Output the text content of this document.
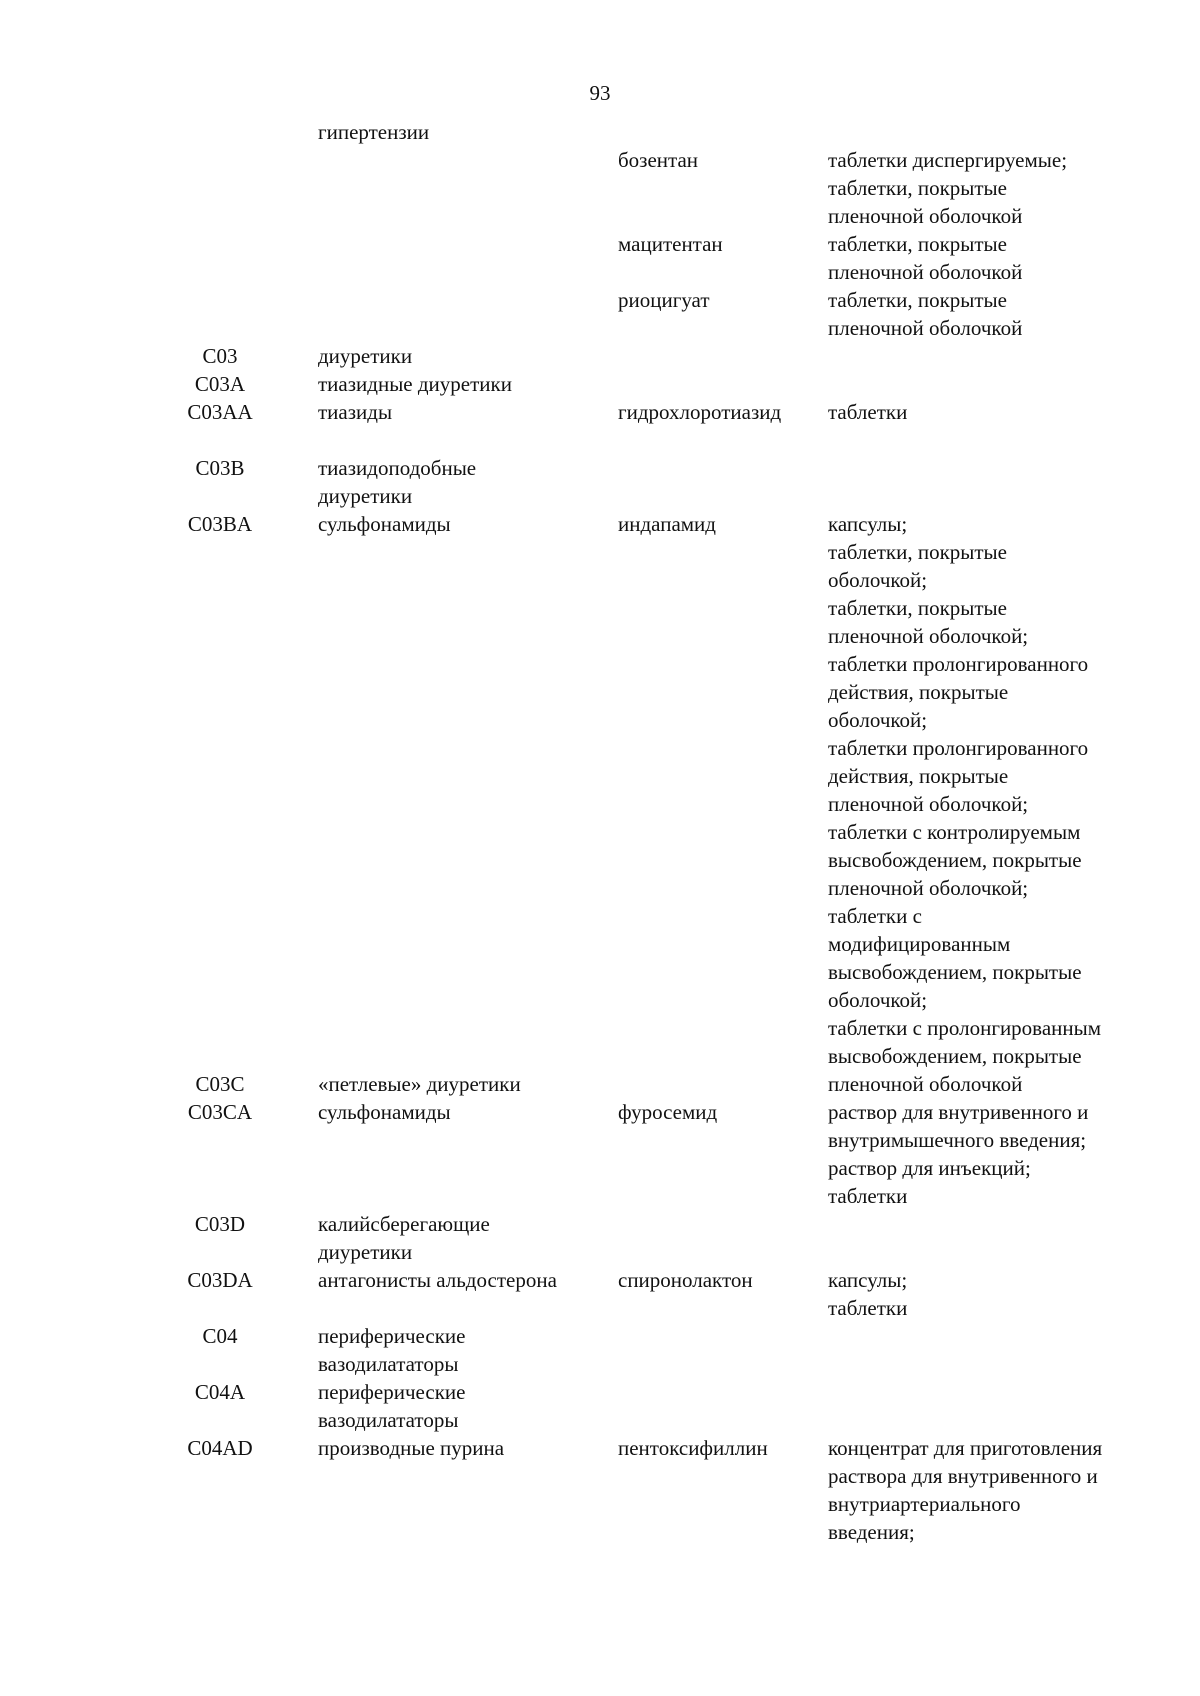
93
гипертензии
бозентан	таблетки диспергируемые;
таблетки, покрытые
пленочной оболочкой
мацитентан	таблетки, покрытые
пленочной оболочкой
риоцигуат	таблетки, покрытые
пленочной оболочкой
C03	диуретики
C03A	тиазидные диуретики
C03AA	тиазиды	гидрохлоротиазид	таблетки
C03B	тиазидоподобные
диуретики
C03BA	сульфонамиды	индапамид	капсулы;
таблетки, покрытые
оболочкой;
таблетки, покрытые
пленочной оболочкой;
таблетки пролонгированного
действия, покрытые
оболочкой;
таблетки пролонгированного
действия, покрытые
пленочной оболочкой;
таблетки с контролируемым
высвобождением, покрытые
пленочной оболочкой;
таблетки с
модифицированным
высвобождением, покрытые
оболочкой;
таблетки с пролонгированным
высвобождением, покрытые
пленочной оболочкой
C03C	«петлевые» диуретики
C03CA	сульфонамиды	фуросемид	раствор для внутривенного и
внутримышечного введения;
раствор для инъекций;
таблетки
C03D	калийсберегающие
диуретики
C03DA	антагонисты альдостерона	спиронолактон	капсулы;
таблетки
C04	периферические
вазодилататоры
C04A	периферические
вазодилататоры
C04AD	производные пурина	пентоксифиллин	концентрат для приготовления
раствора для внутривенного и
внутриартериального
введения;
